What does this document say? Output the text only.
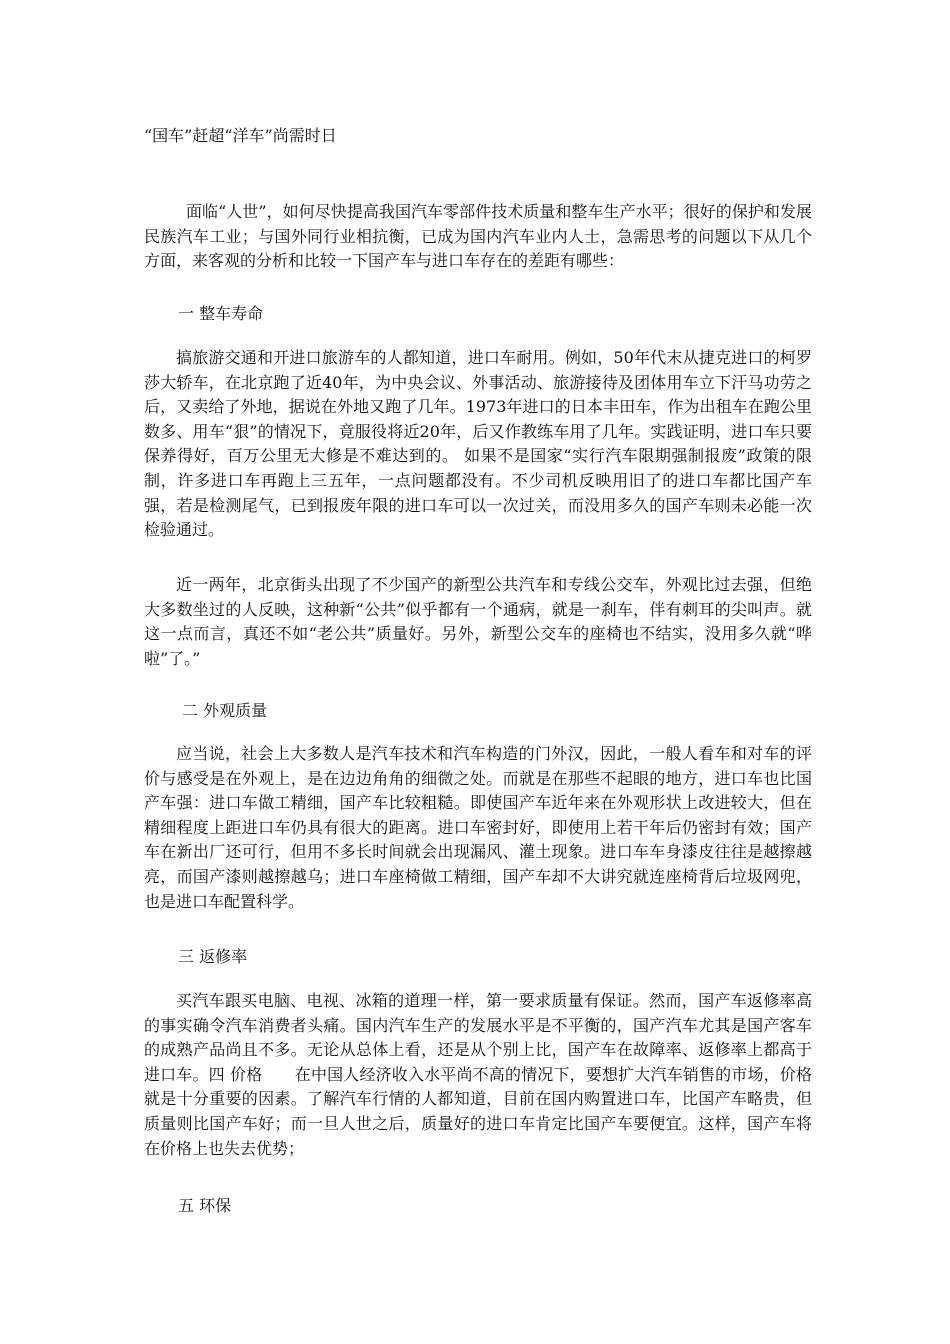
“国车”赶超“洋车”尚需时日

面临“人世”，如何尽快提高我国汽车零部件技术质量和整车生产水平；很好的保护和发展民族汽车工业；与国外同行业相抗衡，已成为国内汽车业内人士，急需思考的问题以下从几个方面，来客观的分析和比较一下国产车与进口车存在的差距有哪些：

一 整车寿命

搞旅游交通和开进口旅游车的人都知道，进口车耐用。例如，50年代末从捷克进口的柯罗莎大轿车，在北京跑了近40年，为中央会议、外事活动、旅游接待及团体用车立下汗马功劳之后，又卖给了外地，据说在外地又跑了几年。1973年进口的日本丰田车，作为出租车在跑公里数多、用车“狠”的情况下，竟服役将近20年，后又作教练车用了几年。实践证明，进口车只要保养得好，百万公里无大修是不难达到的。 如果不是国家“实行汽车限期强制报废”政策的限制，许多进口车再跑上三五年，一点问题都没有。不少司机反映用旧了的进口车都比国产车强，若是检测尾气，已到报废年限的进口车可以一次过关，而没用多久的国产车则未必能一次检验通过。

近一两年，北京街头出现了不少国产的新型公共汽车和专线公交车，外观比过去强，但绝大多数坐过的人反映，这种新“公共”似乎都有一个通病，就是一刹车，伴有刺耳的尖叫声。就这一点而言，真还不如“老公共”质量好。另外，新型公交车的座椅也不结实，没用多久就“哗啦”了。”

二 外观质量

应当说，社会上大多数人是汽车技术和汽车构造的门外汉，因此，一般人看车和对车的评价与感受是在外观上，是在边边角角的细微之处。而就是在那些不起眼的地方，进口车也比国产车强：进口车做工精细，国产车比较粗糙。即使国产车近年来在外观形状上改进较大，但在精细程度上距进口车仍具有很大的距离。进口车密封好，即使用上若干年后仍密封有效；国产车在新出厂还可行，但用不多长时间就会出现漏风、灌土现象。进口车车身漆皮往往是越擦越亮，而国产漆则越擦越乌；进口车座椅做工精细，国产车却不大讲究就连座椅背后垃圾网兜，也是进口车配置科学。

三 返修率

买汽车跟买电脑、电视、冰箱的道理一样，第一要求质量有保证。然而，国产车返修率高的事实确令汽车消费者头痛。国内汽车生产的发展水平是不平衡的，国产汽车尤其是国产客车的成熟产品尚且不多。无论从总体上看，还是从个别上比，国产车在故障率、返修率上都高于进口车。四 价格　　在中国人经济收入水平尚不高的情况下，要想扩大汽车销售的市场，价格就是十分重要的因素。了解汽车行情的人都知道，目前在国内购置进口车，比国产车略贵，但质量则比国产车好；而一旦人世之后，质量好的进口车肯定比国产车要便宜。这样，国产车将在价格上也失去优势；

五 环保
